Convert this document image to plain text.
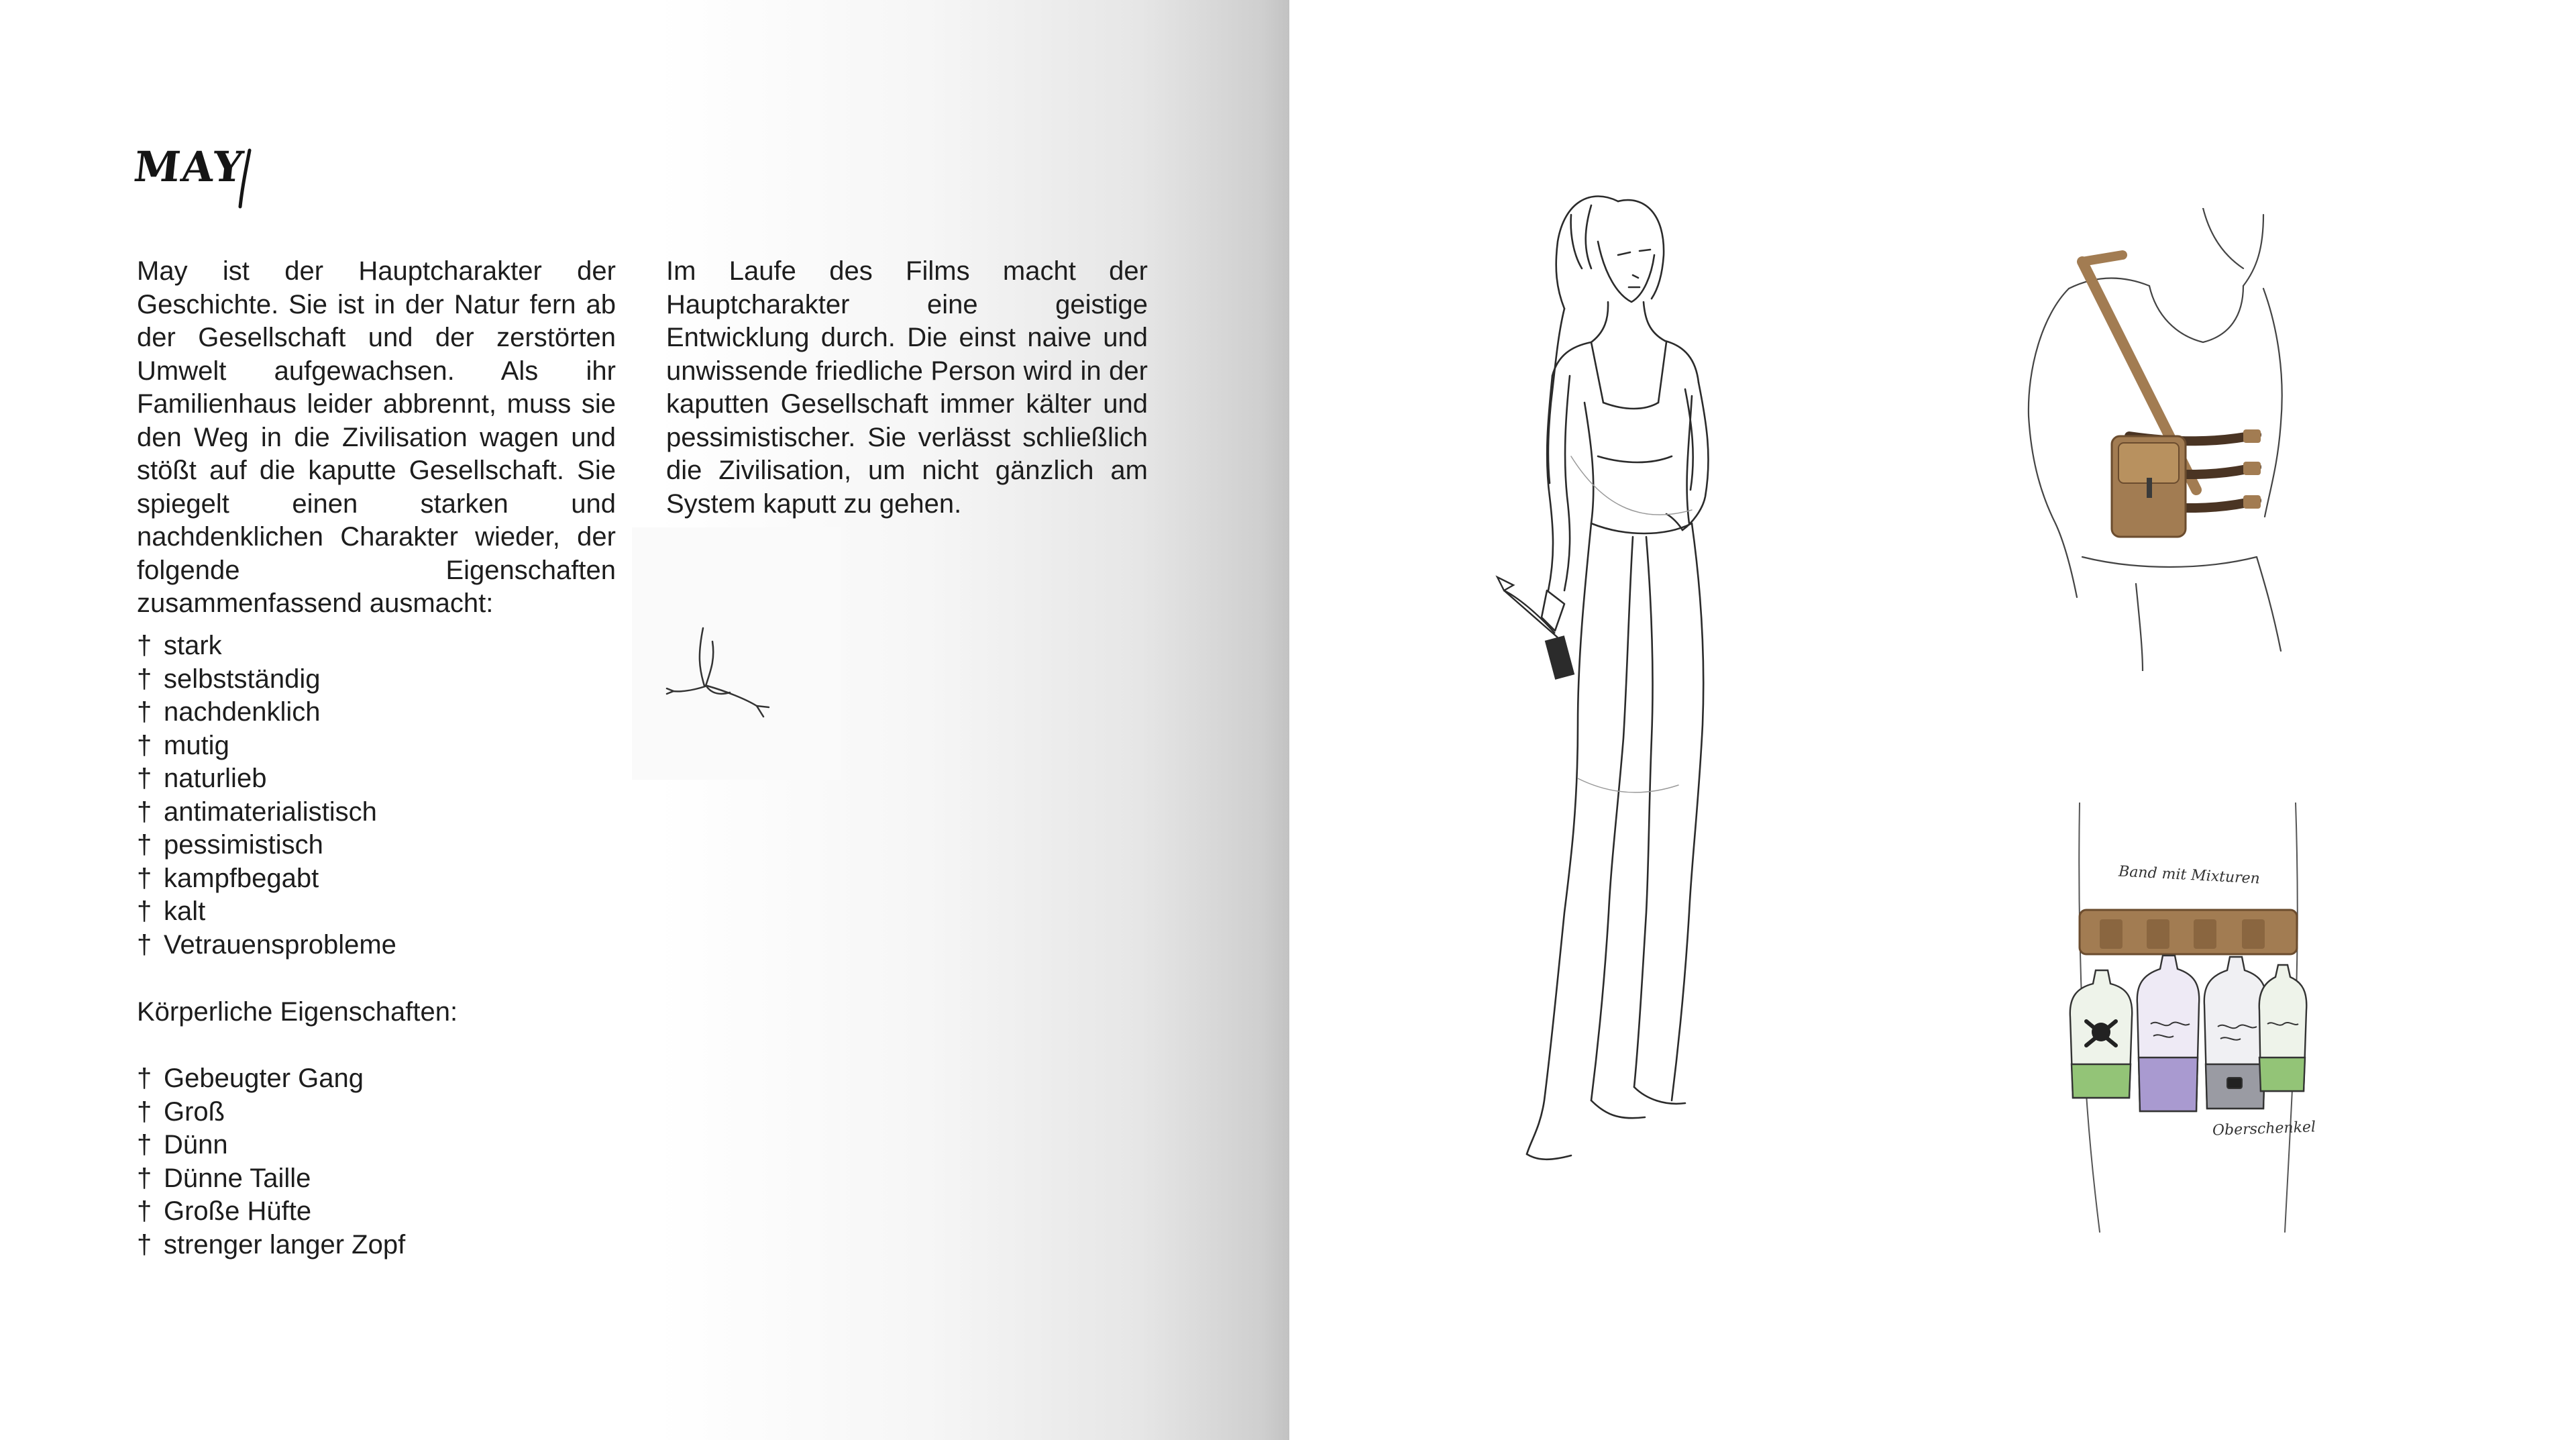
MAY

May ist der Hauptcharakter der Geschichte. Sie ist in der Natur fern ab der Gesellschaft und der zerstörten Umwelt aufgewachsen. Als ihr Familienhaus leider abbrennt, muss sie den Weg in die Zivilisation wagen und stößt auf die kaputte Gesellschaft. Sie spiegelt einen starken und nachdenklichen Charakter wieder, der folgende Eigenschaften zusammenfassend ausmacht:

Im Laufe des Films macht der Hauptcharakter eine geistige Entwicklung durch. Die einst naive und unwissende friedliche Person wird in der kaputten Gesellschaft immer kälter und pessimistischer. Sie verlässt schließlich die Zivilisation, um nicht gänzlich am System kaputt zu gehen.

† stark
† selbstständig
† nachdenklich
† mutig
† naturlieb
† antimaterialistisch
† pessimistisch
† kampfbegabt
† kalt
† Vetrauensprobleme
Körperliche Eigenschaften:
† Gebeugter Gang
† Groß
† Dünn
† Dünne Taille
† Große Hüfte
† strenger langer Zopf
Band mit Mixturen
Oberschenkel
